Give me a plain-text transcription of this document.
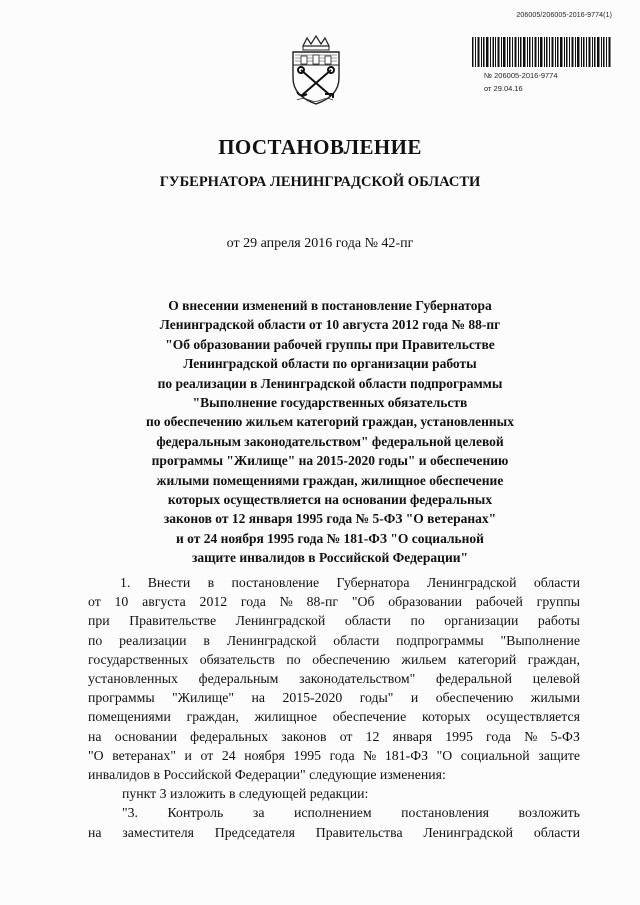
206005/206005-2016-9774(1)
№ 206005-2016-9774
от 29.04.16
ПОСТАНОВЛЕНИЕ
ГУБЕРНАТОРА ЛЕНИНГРАДСКОЙ ОБЛАСТИ
от 29 апреля 2016 года № 42-пг
О внесении изменений в постановление Губернатора
Ленинградской области от 10 августа 2012 года № 88-пг
"Об образовании рабочей группы при Правительстве
Ленинградской области по организации работы
по реализации в Ленинградской области подпрограммы
"Выполнение государственных обязательств
по обеспечению жильем категорий граждан, установленных
федеральным законодательством" федеральной целевой
программы "Жилище" на 2015-2020 годы" и обеспечению
жилыми помещениями граждан, жилищное обеспечение
которых осуществляется на основании федеральных
законов от 12 января 1995 года № 5-ФЗ "О ветеранах"
и от 24 ноября 1995 года № 181-ФЗ "О социальной
защите инвалидов в Российской Федерации"
1. Внести в постановление Губернатора Ленинградской области
от 10 августа 2012 года № 88-пг "Об образовании рабочей группы
при Правительстве Ленинградской области по организации работы
по реализации в Ленинградской области подпрограммы "Выполнение
государственных обязательств по обеспечению жильем категорий граждан,
установленных федеральным законодательством" федеральной целевой
программы "Жилище" на 2015-2020 годы" и обеспечению жилыми
помещениями граждан, жилищное обеспечение которых осуществляется
на основании федеральных законов от 12 января 1995 года № 5-ФЗ
"О ветеранах" и от 24 ноября 1995 года № 181-ФЗ "О социальной защите
инвалидов в Российской Федерации" следующие изменения:
пункт 3 изложить в следующей редакции:
"3. Контроль за исполнением постановления возложить
на заместителя Председателя Правительства Ленинградской области
